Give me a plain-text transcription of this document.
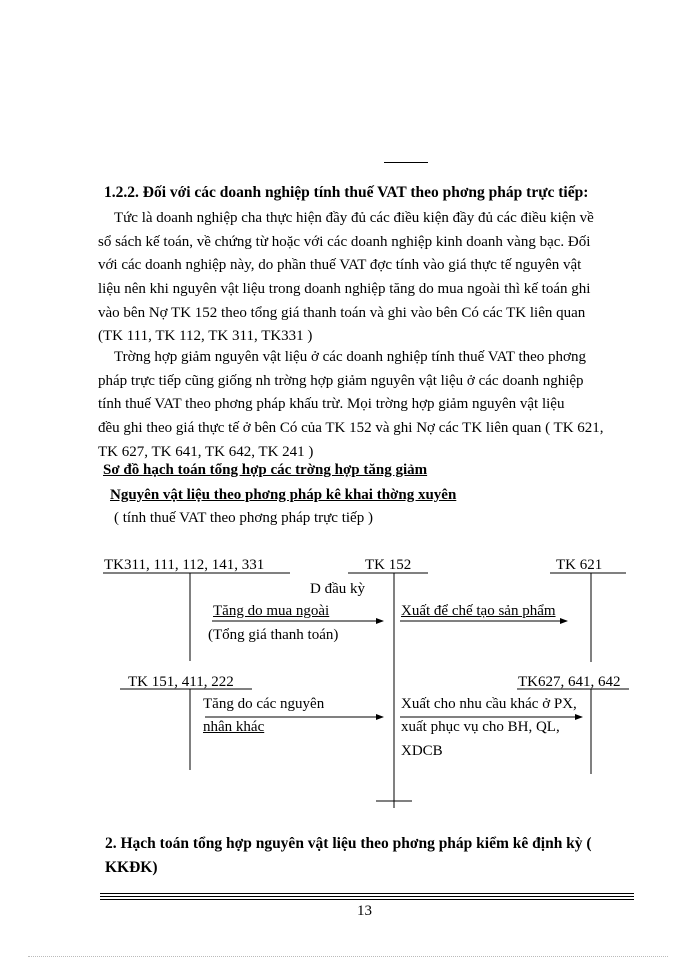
1.2.2. Đối với các doanh nghiệp tính thuế VAT theo phơng pháp trực tiếp:
Tức là doanh nghiệp cha thực hiện đầy đủ các điều kiện đầy đủ các điều kiện về
sổ sách kế toán, về chứng từ hoặc với các doanh nghiệp kinh doanh vàng bạc. Đối
với các doanh nghiệp này, do phần thuế VAT đợc tính vào giá thực tế nguyên vật
liệu nên khi nguyên vật liệu trong doanh nghiệp tăng do mua ngoài thì kế toán ghi
vào bên Nợ TK 152 theo tổng giá thanh toán và ghi vào bên Có các TK liên quan
(TK 111, TK 112, TK 311, TK331 )
Trờng hợp giảm nguyên vật liệu ở các doanh nghiệp tính thuế VAT theo phơng
pháp trực tiếp cũng giống nh trờng hợp giảm nguyên vật liệu ở các doanh nghiệp
tính thuế VAT theo phơng pháp khấu trừ. Mọi trờng hợp giảm nguyên vật liệu
đều ghi theo giá thực tế ở bên Có của TK 152 và ghi Nợ các TK liên quan ( TK 621,
TK 627, TK 641, TK 642, TK 241 )
Sơ đồ hạch toán tổng hợp các trờng hợp tăng giảm
Nguyên vật liệu theo phơng pháp kê khai thờng xuyên
( tính thuế VAT theo phơng pháp trực tiếp )
TK311, 111, 112, 141, 331	TK 152	TK 621
D đầu kỳ
Tăng do mua ngoài
(Tổng giá thanh toán)
Xuất để chế tạo sản phẩm
TK 151, 411, 222	TK627, 641, 642
Tăng do các nguyên
nhân khác
Xuất cho nhu cầu khác ở PX,
xuất phục vụ cho BH, QL,
XDCB
2. Hạch toán tổng hợp nguyên vật liệu theo phơng pháp kiểm kê định kỳ ( KKĐK)
13
